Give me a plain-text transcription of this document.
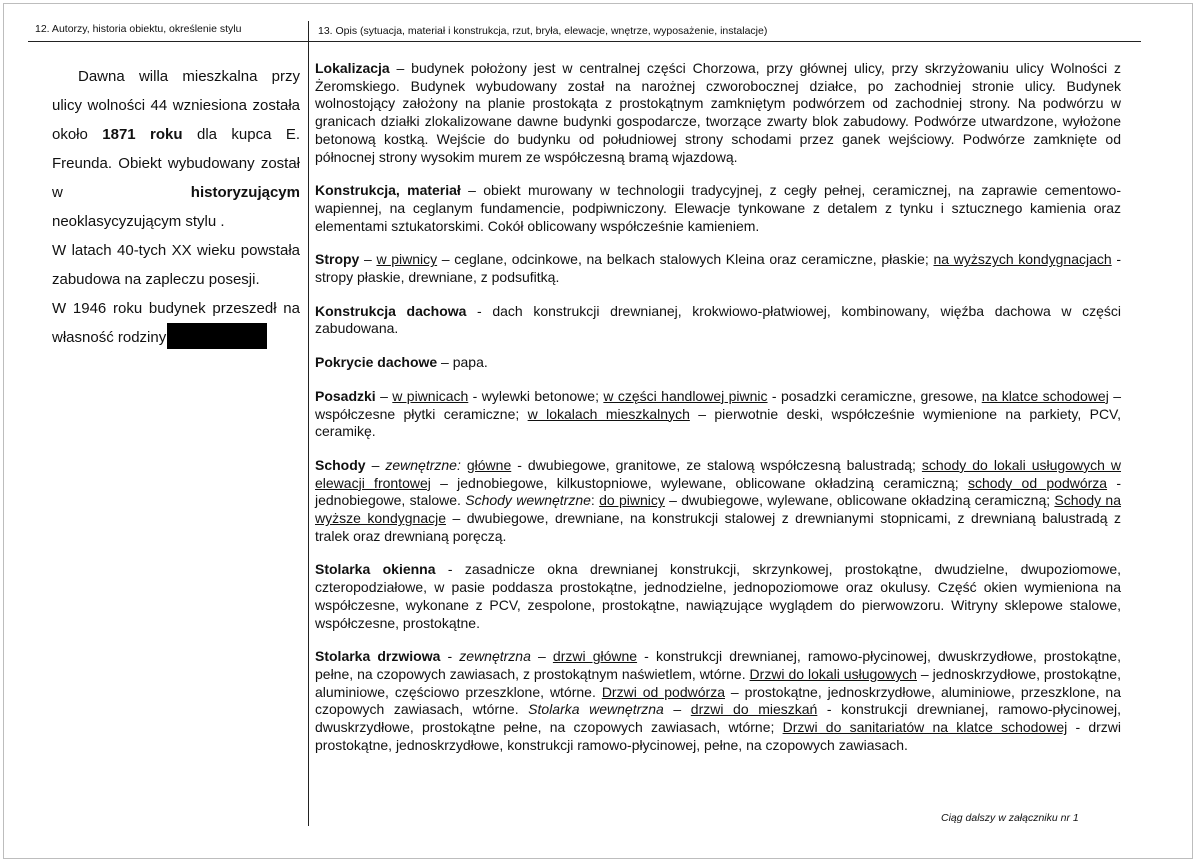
12. Autorzy, historia obiektu, określenie stylu	13. Opis (sytuacja, materiał i konstrukcja, rzut, bryła, elewacje, wnętrze, wyposażenie, instalacje)

Dawna willa mieszkalna przy ulicy wolności 44 wzniesiona została około 1871 roku dla kupca E. Freunda. Obiekt wybudowany został w historyzującym neoklasycyzującym stylu .

W latach 40-tych XX wieku powstała zabudowa na zapleczu posesji.

W 1946 roku budynek przeszedł na własność rodziny

Lokalizacja – budynek położony jest w centralnej części Chorzowa, przy głównej ulicy, przy skrzyżowaniu ulicy Wolności z Żeromskiego. Budynek wybudowany został na narożnej czworobocznej działce, po zachodniej stronie ulicy. Budynek wolnostojący założony na planie prostokąta z prostokątnym zamkniętym podwórzem od zachodniej strony. Na podwórzu w granicach działki zlokalizowane dawne budynki gospodarcze, tworzące zwarty blok zabudowy. Podwórze utwardzone, wyłożone betonową kostką. Wejście do budynku od południowej strony schodami przez ganek wejściowy. Podwórze zamknięte od północnej strony wysokim murem ze współczesną bramą wjazdową.

Konstrukcja, materiał – obiekt murowany w technologii tradycyjnej, z cegły pełnej, ceramicznej, na zaprawie cementowo-wapiennej, na ceglanym fundamencie, podpiwniczony. Elewacje tynkowane z detalem z tynku i sztucznego kamienia oraz elementami sztukatorskimi. Cokół oblicowany współcześnie kamieniem.

Stropy – w piwnicy – ceglane, odcinkowe, na belkach stalowych Kleina oraz ceramiczne, płaskie; na wyższych kondygnacjach - stropy płaskie, drewniane, z podsufitką.

Konstrukcja dachowa - dach konstrukcji drewnianej, krokwiowo-płatwiowej, kombinowany, więźba dachowa w części zabudowana.

Pokrycie dachowe – papa.

Posadzki – w piwnicach - wylewki betonowe; w części handlowej piwnic - posadzki ceramiczne, gresowe, na klatce schodowej – współczesne płytki ceramiczne; w lokalach mieszkalnych – pierwotnie deski, współcześnie wymienione na parkiety, PCV, ceramikę.

Schody – zewnętrzne: główne - dwubiegowe, granitowe, ze stalową współczesną balustradą; schody do lokali usługowych w elewacji frontowej – jednobiegowe, kilkustopniowe, wylewane, oblicowane okładziną ceramiczną; schody od podwórza - jednobiegowe, stalowe. Schody wewnętrzne: do piwnicy – dwubiegowe, wylewane, oblicowane okładziną ceramiczną; Schody na wyższe kondygnacje – dwubiegowe, drewniane, na konstrukcji stalowej z drewnianymi stopnicami, z drewnianą balustradą z tralek oraz drewnianą poręczą.

Stolarka okienna - zasadnicze okna drewnianej konstrukcji, skrzynkowej, prostokątne, dwudzielne, dwupoziomowe, czteropodziałowe, w pasie poddasza prostokątne, jednodzielne, jednopoziomowe oraz okulusy. Część okien wymieniona na współczesne, wykonane z PCV, zespolone, prostokątne, nawiązujące wyglądem do pierwowzoru. Witryny sklepowe stalowe, współczesne, prostokątne.

Stolarka drzwiowa - zewnętrzna – drzwi główne - konstrukcji drewnianej, ramowo-płycinowej, dwuskrzydłowe, prostokątne, pełne, na czopowych zawiasach, z prostokątnym naświetlem, wtórne. Drzwi do lokali usługowych – jednoskrzydłowe, prostokątne, aluminiowe, częściowo przeszklone, wtórne. Drzwi od podwórza – prostokątne, jednoskrzydłowe, aluminiowe, przeszklone, na czopowych zawiasach, wtórne. Stolarka wewnętrzna – drzwi do mieszkań - konstrukcji drewnianej, ramowo-płycinowej, dwuskrzydłowe, prostokątne pełne, na czopowych zawiasach, wtórne; Drzwi do sanitariatów na klatce schodowej - drzwi prostokątne, jednoskrzydłowe, konstrukcji ramowo-płycinowej, pełne, na czopowych zawiasach.

Ciąg dalszy w załączniku nr 1
